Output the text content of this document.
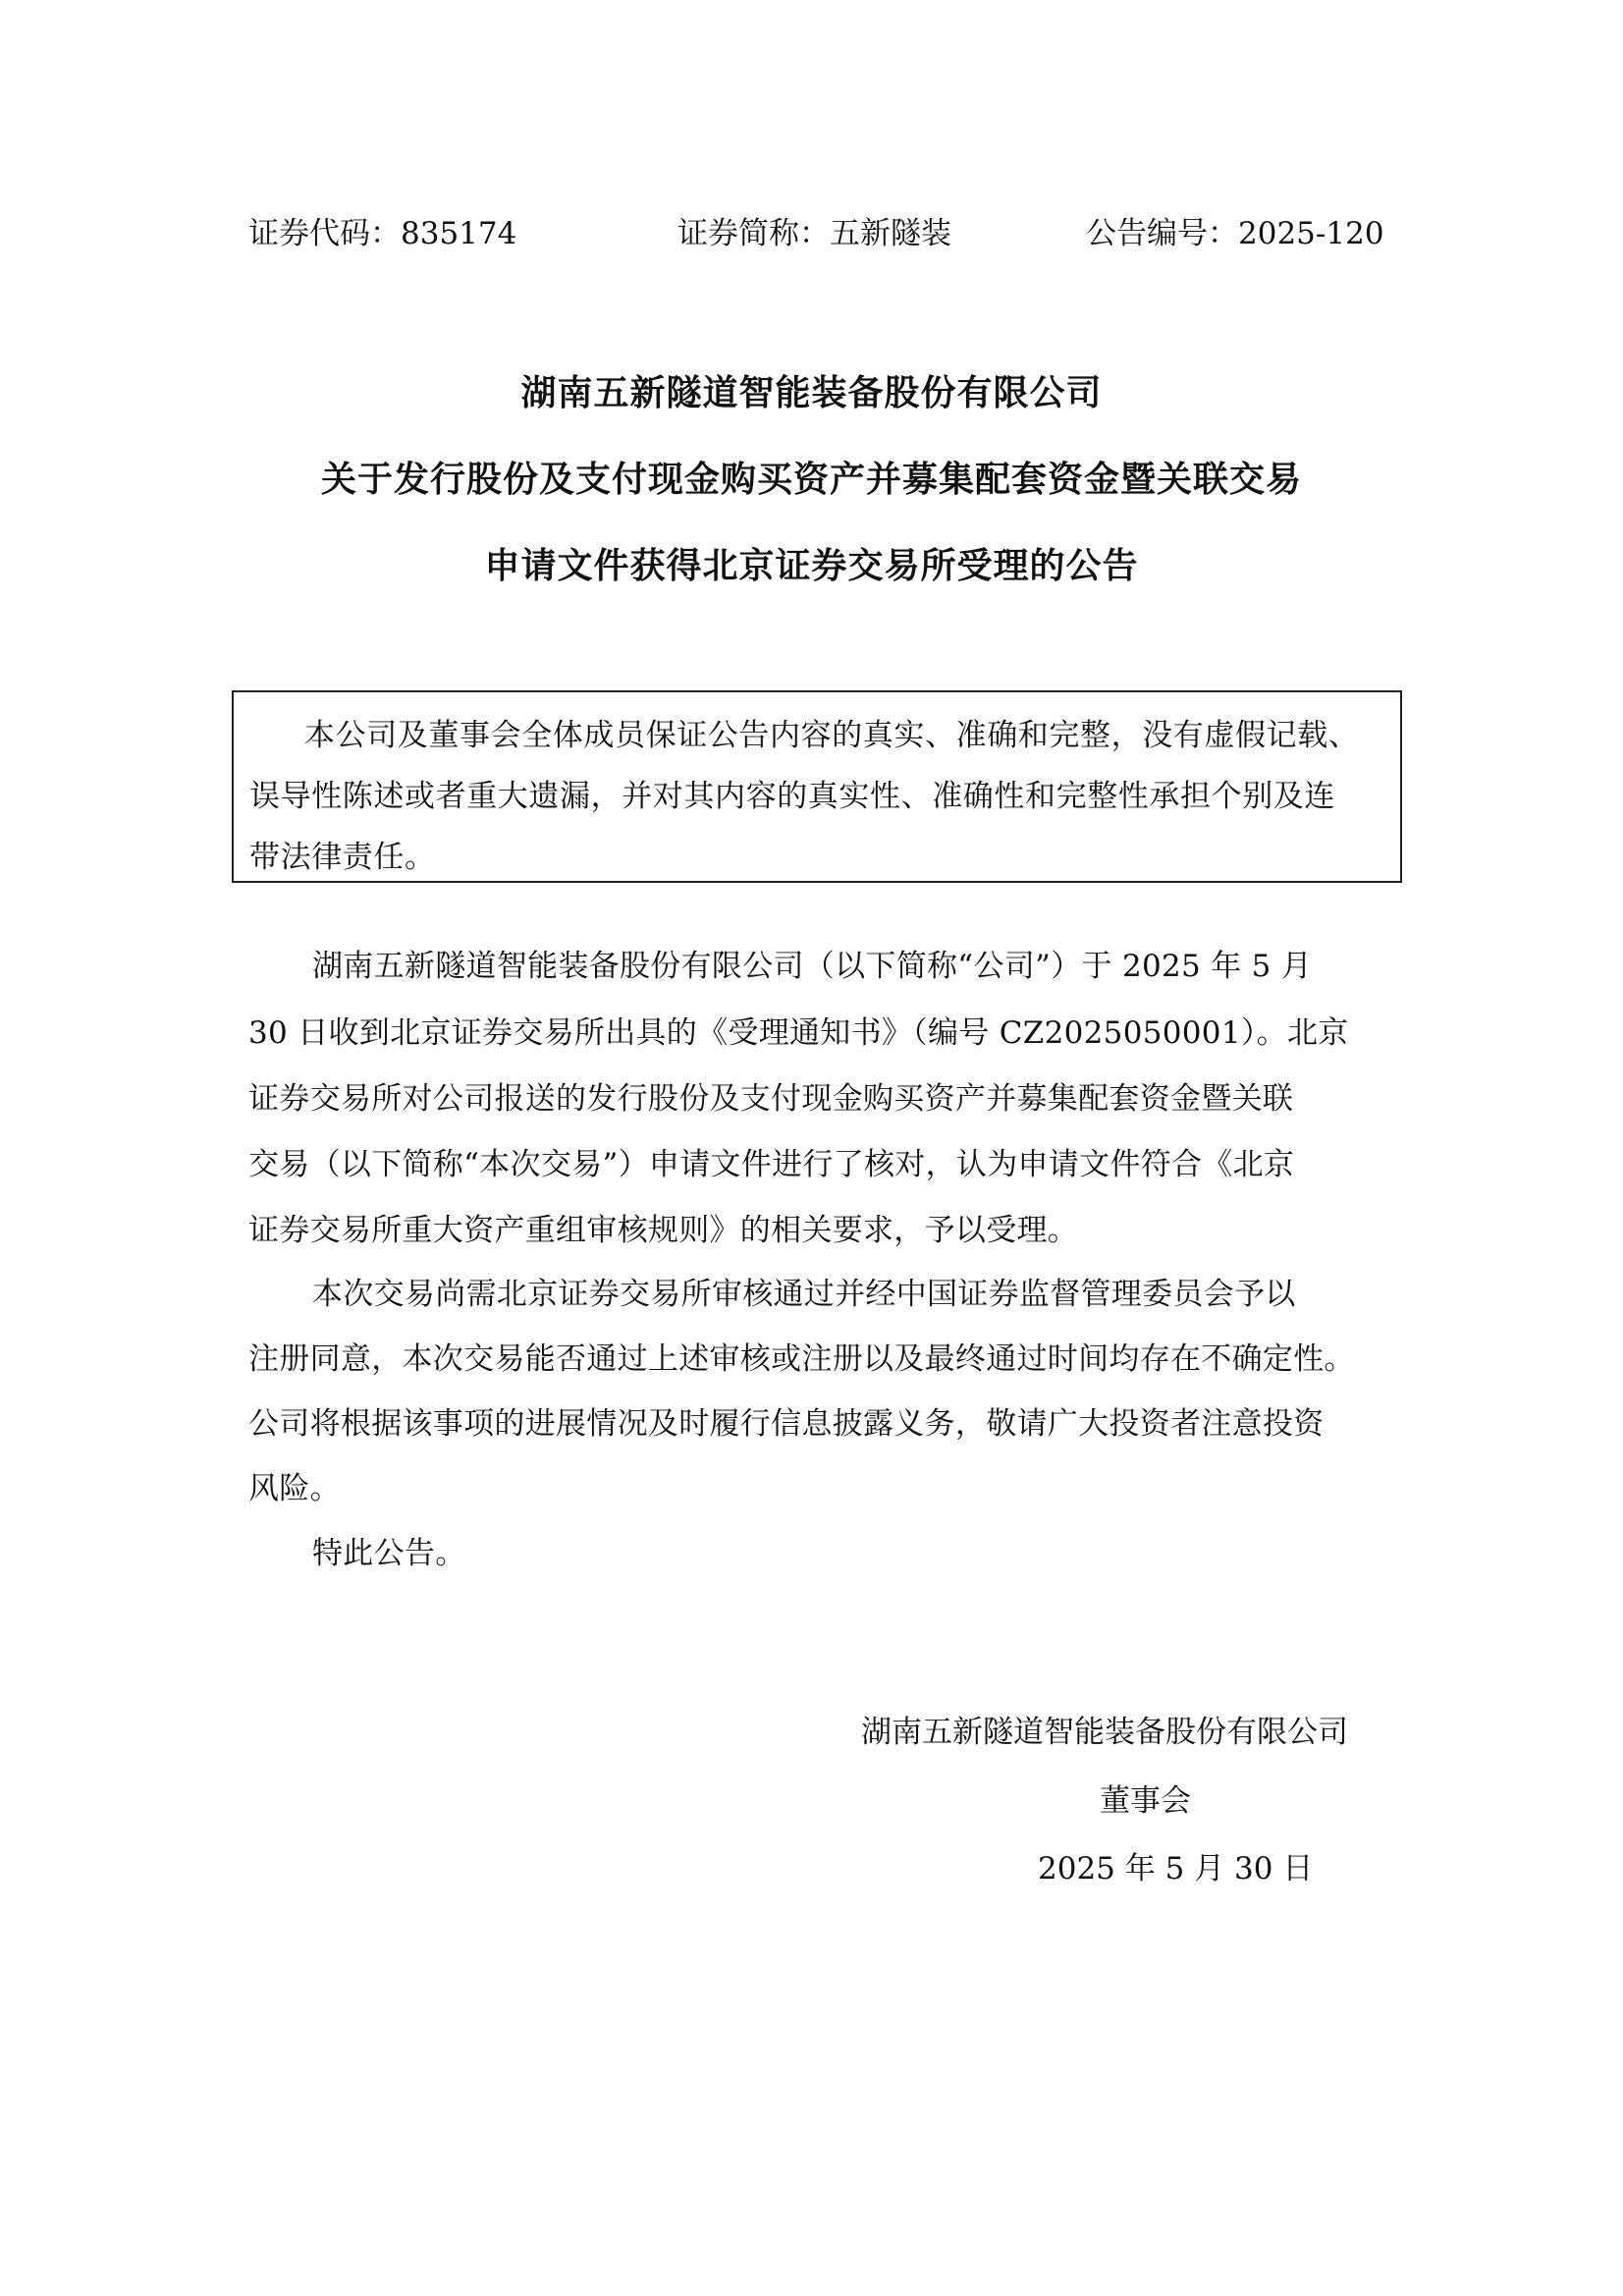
证券代码：835174	证券简称：五新隧装	公告编号：2025-120
湖南五新隧道智能装备股份有限公司
关于发行股份及支付现金购买资产并募集配套资金暨关联交易
申请文件获得北京证券交易所受理的公告
本公司及董事会全体成员保证公告内容的真实、准确和完整，没有虚假记载、
误导性陈述或者重大遗漏，并对其内容的真实性、准确性和完整性承担个别及连
带法律责任。
湖南五新隧道智能装备股份有限公司（以下简称“公司”）于 2025 年 5 月
30 日收到北京证券交易所出具的《受理通知书》（编号 CZ2025050001）。北京
证券交易所对公司报送的发行股份及支付现金购买资产并募集配套资金暨关联
交易（以下简称“本次交易”）申请文件进行了核对，认为申请文件符合《北京
证券交易所重大资产重组审核规则》的相关要求，予以受理。
本次交易尚需北京证券交易所审核通过并经中国证券监督管理委员会予以
注册同意，本次交易能否通过上述审核或注册以及最终通过时间均存在不确定性。
公司将根据该事项的进展情况及时履行信息披露义务，敬请广大投资者注意投资
风险。
特此公告。
湖南五新隧道智能装备股份有限公司
董事会
2025 年 5 月 30 日
